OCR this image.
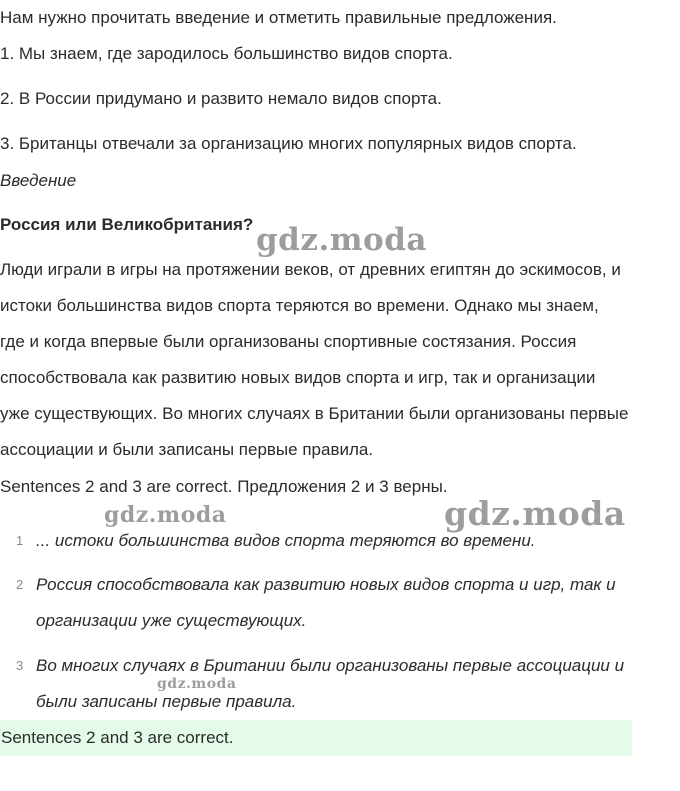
Нам нужно прочитать введение и отметить правильные предложения.
1. Мы знаем, где зародилось большинство видов спорта.
2. В России придумано и развито немало видов спорта.
3. Британцы отвечали за организацию многих популярных видов спорта.
Введение
Россия или Великобритания?
Люди играли в игры на протяжении веков, от древних египтян до эскимосов, и
истоки большинства видов спорта теряются во времени. Однако мы знаем,
где и когда впервые были организованы спортивные состязания. Россия
способствовала как развитию новых видов спорта и игр, так и организации
уже существующих. Во многих случаях в Британии были организованы первые
ассоциации и были записаны первые правила.
Sentences 2 and 3 are correct. Предложения 2 и 3 верны.
1 ... истоки большинства видов спорта теряются во времени.
2 Россия способствовала как развитию новых видов спорта и игр, так и
организации уже существующих.
3 Во многих случаях в Британии были организованы первые ассоциации и
были записаны первые правила.
Sentences 2 and 3 are correct.
gdz.moda
gdz.moda	gdz.moda
gdz.moda
